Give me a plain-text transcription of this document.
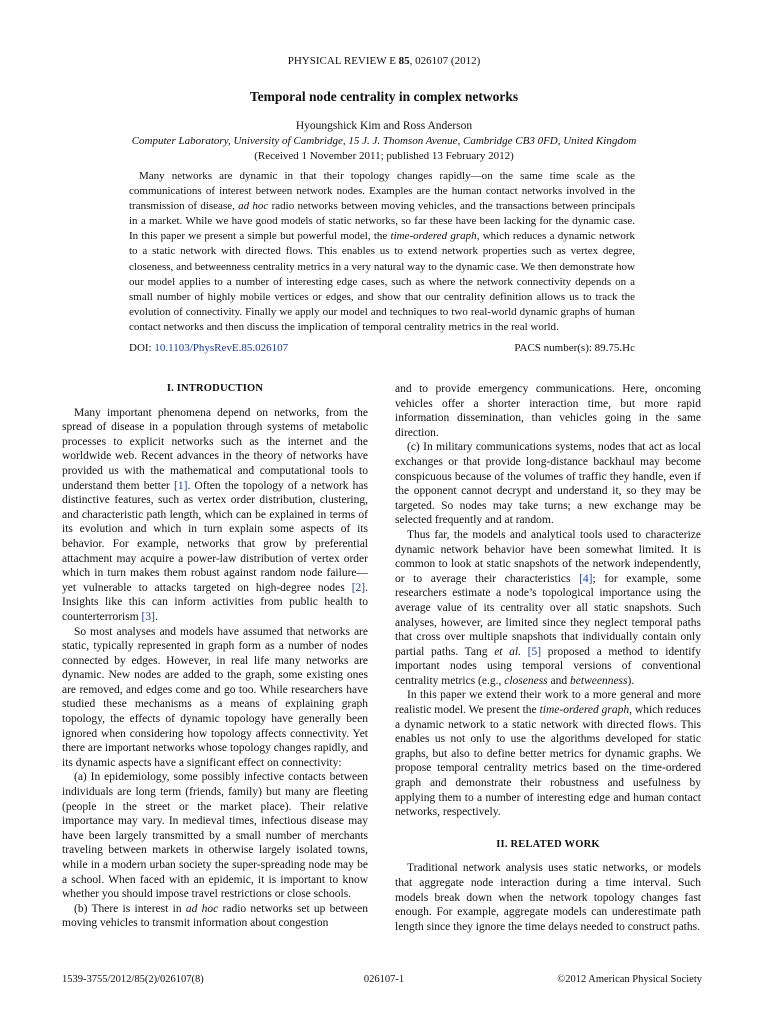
PHYSICAL REVIEW E 85, 026107 (2012)
Temporal node centrality in complex networks
Hyoungshick Kim and Ross Anderson
Computer Laboratory, University of Cambridge, 15 J. J. Thomson Avenue, Cambridge CB3 0FD, United Kingdom
(Received 1 November 2011; published 13 February 2012)
Many networks are dynamic in that their topology changes rapidly—on the same time scale as the communications of interest between network nodes. Examples are the human contact networks involved in the transmission of disease, ad hoc radio networks between moving vehicles, and the transactions between principals in a market. While we have good models of static networks, so far these have been lacking for the dynamic case. In this paper we present a simple but powerful model, the time-ordered graph, which reduces a dynamic network to a static network with directed flows. This enables us to extend network properties such as vertex degree, closeness, and betweenness centrality metrics in a very natural way to the dynamic case. We then demonstrate how our model applies to a number of interesting edge cases, such as where the network connectivity depends on a small number of highly mobile vertices or edges, and show that our centrality definition allows us to track the evolution of connectivity. Finally we apply our model and techniques to two real-world dynamic graphs of human contact networks and then discuss the implication of temporal centrality metrics in the real world.
DOI: 10.1103/PhysRevE.85.026107	PACS number(s): 89.75.Hc
I. INTRODUCTION

Many important phenomena depend on networks, from the spread of disease in a population through systems of metabolic processes to explicit networks such as the internet and the worldwide web. Recent advances in the theory of networks have provided us with the mathematical and computational tools to understand them better [1]. Often the topology of a network has distinctive features, such as vertex order distribution, clustering, and characteristic path length, which can be explained in terms of its evolution and which in turn explain some aspects of its behavior. For example, networks that grow by preferential attachment may acquire a power-law distribution of vertex order which in turn makes them robust against random node failure—yet vulnerable to attacks targeted on high-degree nodes [2]. Insights like this can inform activities from public health to counterterrorism [3].

So most analyses and models have assumed that networks are static, typically represented in graph form as a number of nodes connected by edges. However, in real life many networks are dynamic. New nodes are added to the graph, some existing ones are removed, and edges come and go too. While researchers have studied these mechanisms as a means of explaining graph topology, the effects of dynamic topology have generally been ignored when considering how topology affects connectivity. Yet there are important networks whose topology changes rapidly, and its dynamic aspects have a significant effect on connectivity:

(a) In epidemiology, some possibly infective contacts between individuals are long term (friends, family) but many are fleeting (people in the street or the market place). Their relative importance may vary. In medieval times, infectious disease may have been largely transmitted by a small number of merchants traveling between markets in otherwise largely isolated towns, while in a modern urban society the super-spreading node may be a school. When faced with an epidemic, it is important to know whether you should impose travel restrictions or close schools.

(b) There is interest in ad hoc radio networks set up between moving vehicles to transmit information about congestion

and to provide emergency communications. Here, oncoming vehicles offer a shorter interaction time, but more rapid information dissemination, than vehicles going in the same direction.

(c) In military communications systems, nodes that act as local exchanges or that provide long-distance backhaul may become conspicuous because of the volumes of traffic they handle, even if the opponent cannot decrypt and understand it, so they may be targeted. So nodes may take turns; a new exchange may be selected frequently and at random.

Thus far, the models and analytical tools used to characterize dynamic network behavior have been somewhat limited. It is common to look at static snapshots of the network independently, or to average their characteristics [4]; for example, some researchers estimate a node’s topological importance using the average value of its centrality over all static snapshots. Such analyses, however, are limited since they neglect temporal paths that cross over multiple snapshots that individually contain only partial paths. Tang et al. [5] proposed a method to identify important nodes using temporal versions of conventional centrality metrics (e.g., closeness and betweenness).

In this paper we extend their work to a more general and more realistic model. We present the time-ordered graph, which reduces a dynamic network to a static network with directed flows. This enables us not only to use the algorithms developed for static graphs, but also to define better metrics for dynamic graphs. We propose temporal centrality metrics based on the time-ordered graph and demonstrate their robustness and usefulness by applying them to a number of interesting edge and human contact networks, respectively.

II. RELATED WORK

Traditional network analysis uses static networks, or models that aggregate node interaction during a time interval. Such models break down when the network topology changes fast enough. For example, aggregate models can underestimate path length since they ignore the time delays needed to construct paths.

1539-3755/2012/85(2)/026107(8)	026107-1	©2012 American Physical Society
